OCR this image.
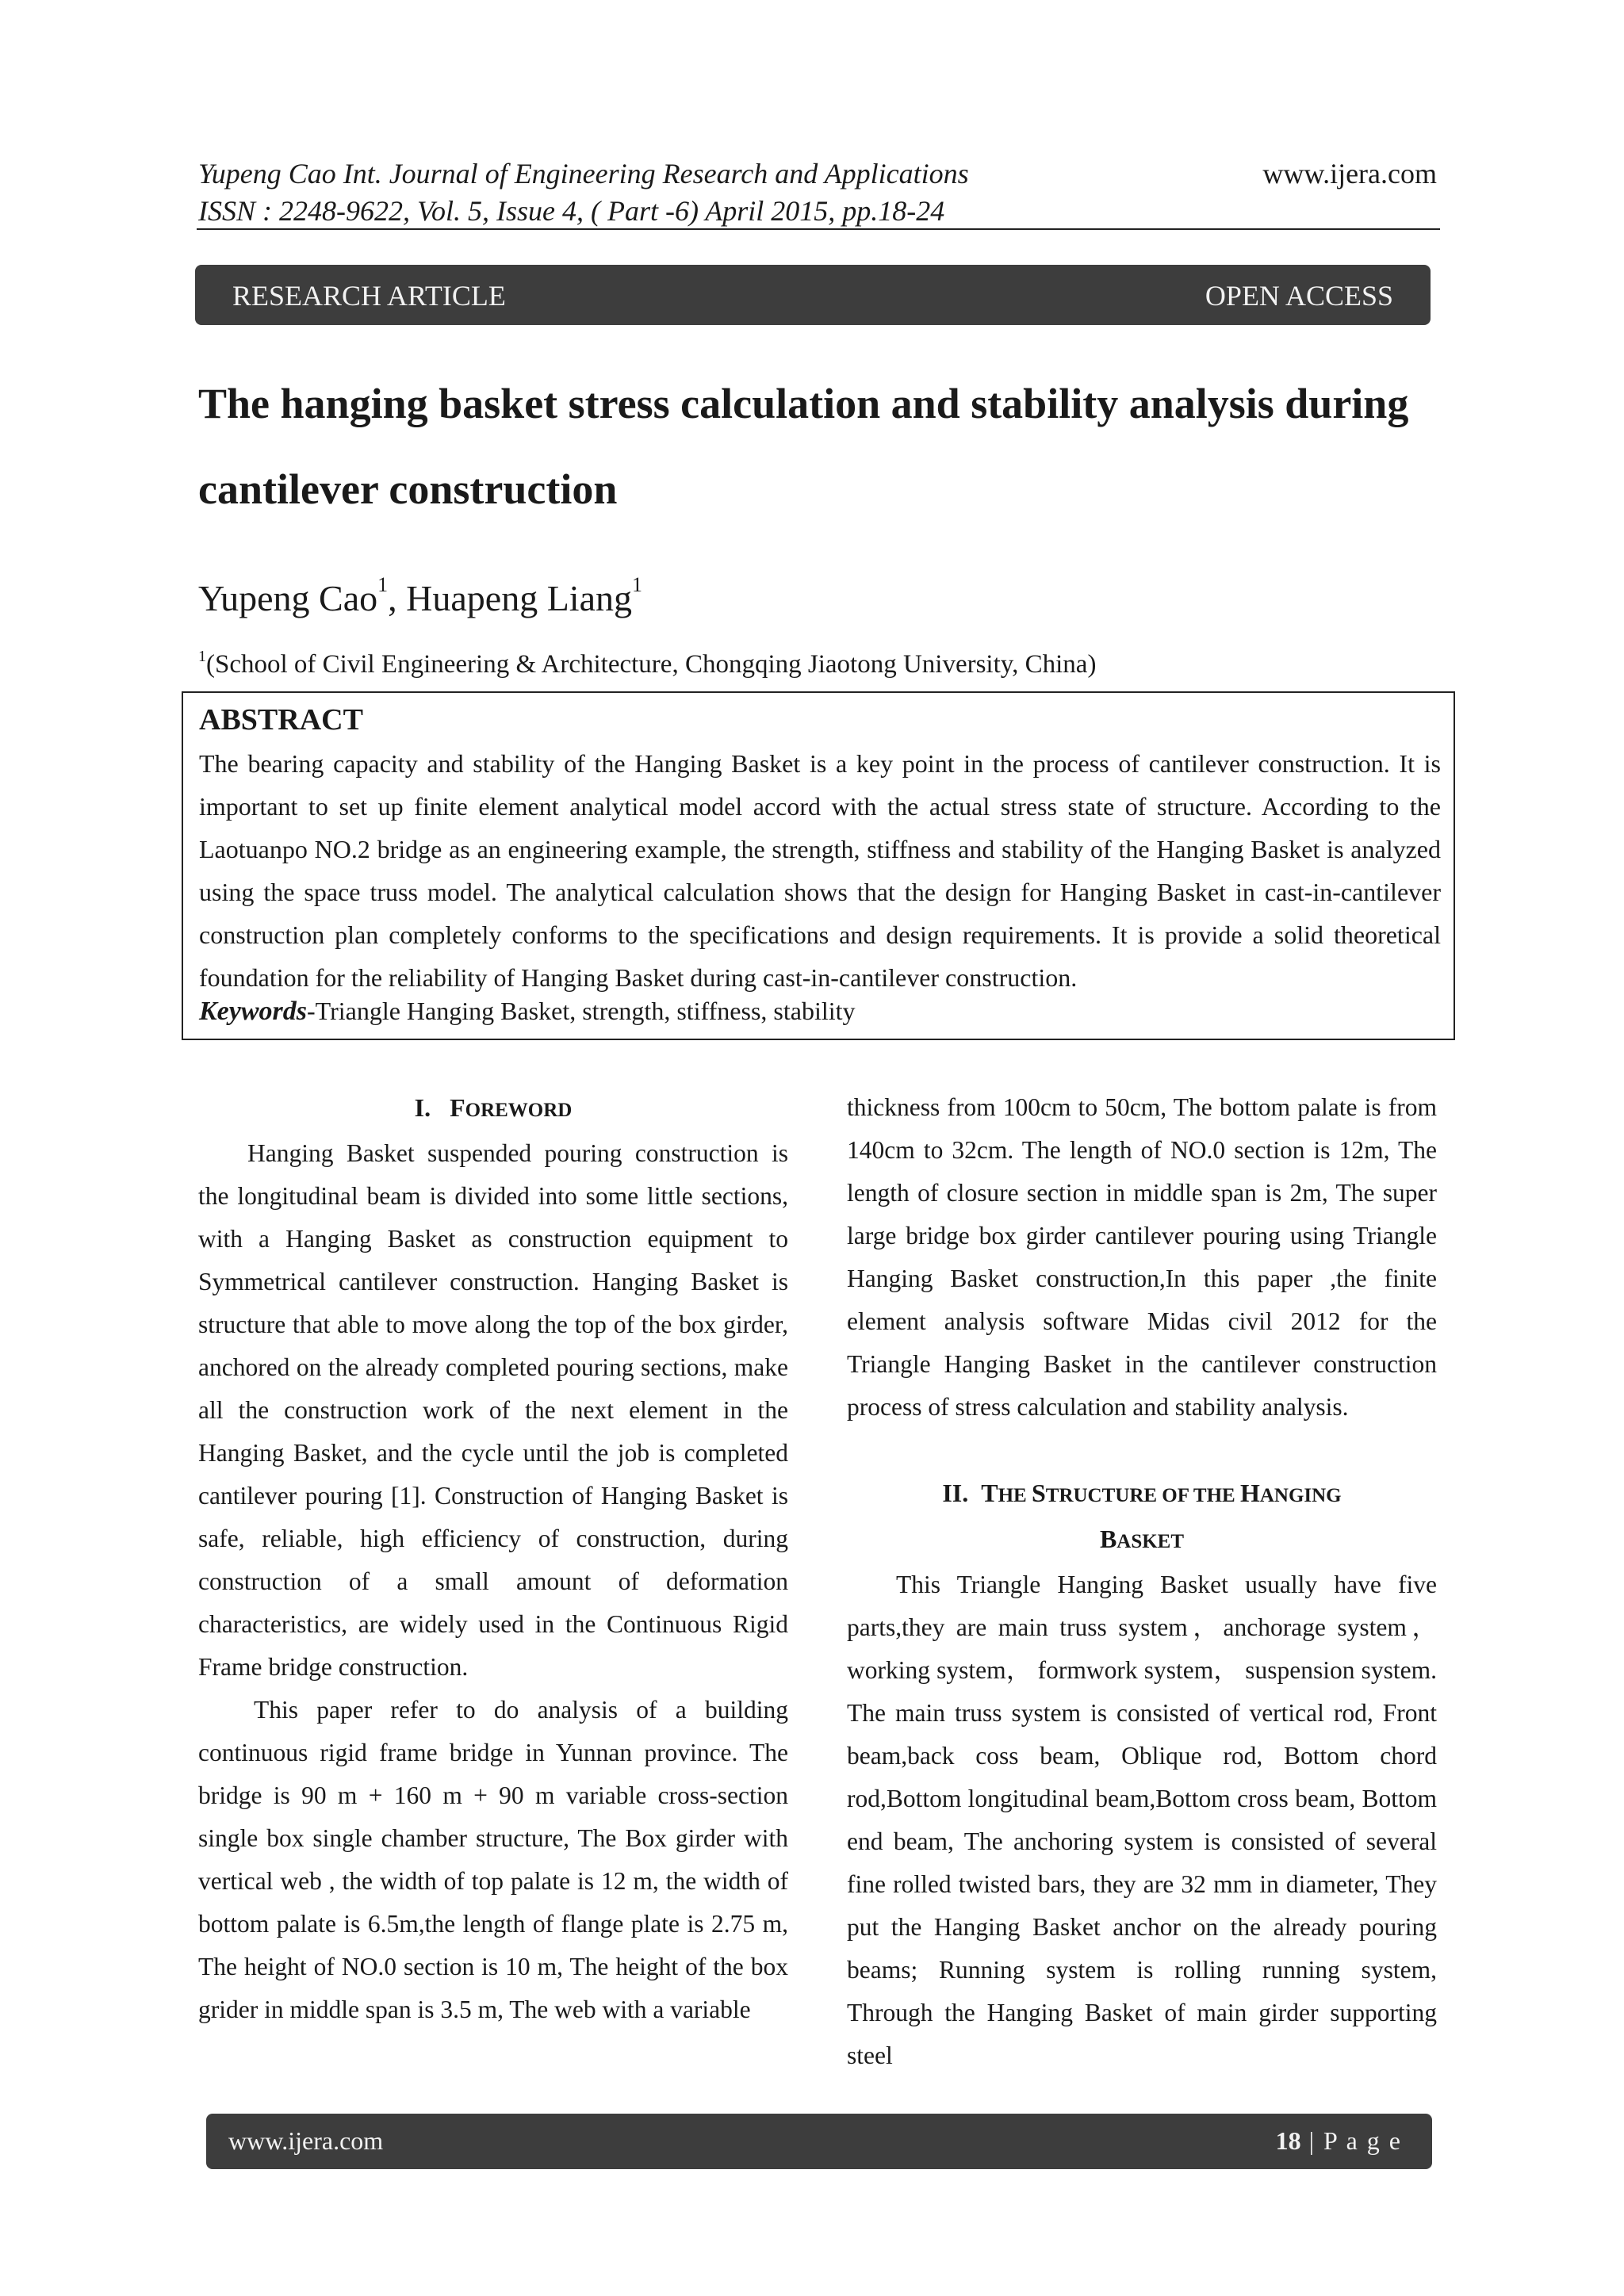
Yupeng Cao Int. Journal of Engineering Research and Applications
ISSN : 2248-9622, Vol. 5, Issue 4, ( Part -6) April 2015, pp.18-24
www.ijera.com
RESEARCH ARTICLE	OPEN ACCESS
The hanging basket stress calculation and stability analysis during cantilever construction
Yupeng Cao$^1$, Huapeng Liang$^1$
$^1$(School of Civil Engineering & Architecture, Chongqing Jiaotong University, China)
ABSTRACT
The bearing capacity and stability of the Hanging Basket is a key point in the process of cantilever construction. It is important to set up finite element analytical model accord with the actual stress state of structure. According to the Laotuanpo NO.2 bridge as an engineering example, the strength, stiffness and stability of the Hanging Basket is analyzed using the space truss model. The analytical calculation shows that the design for Hanging Basket in cast-in-cantilever construction plan completely conforms to the specifications and design requirements. It is provide a solid theoretical foundation for the reliability of Hanging Basket during cast-in-cantilever construction.
Keywords-Triangle Hanging Basket, strength, stiffness, stability

I. FOREWORD

Hanging Basket suspended pouring construction is the longitudinal beam is divided into some little sections, with a Hanging Basket as construction equipment to Symmetrical cantilever construction. Hanging Basket is structure that able to move along the top of the box girder, anchored on the already completed pouring sections, make all the construction work of the next element in the Hanging Basket, and the cycle until the job is completed cantilever pouring [1]. Construction of Hanging Basket is safe, reliable, high efficiency of construction, during construction of a small amount of deformation characteristics, are widely used in the Continuous Rigid Frame bridge construction.

This paper refer to do analysis of a building continuous rigid frame bridge in Yunnan province. The bridge is 90 m + 160 m + 90 m variable cross-section single box single chamber structure, The Box girder with vertical web , the width of top palate is 12 m, the width of bottom palate is 6.5m,the length of flange plate is 2.75 m, The height of NO.0 section is 10 m, The height of the box grider in middle span is 3.5 m, The web with a variable

thickness from 100cm to 50cm, The bottom palate is from 140cm to 32cm. The length of NO.0 section is 12m, The length of closure section in middle span is 2m, The super large bridge box girder cantilever pouring using Triangle Hanging Basket construction,In this paper ,the finite element analysis software Midas civil 2012 for the Triangle Hanging Basket in the cantilever construction process of stress calculation and stability analysis.

II. THE STRUCTURE OF THE HANGING
BASKET

This Triangle Hanging Basket usually have five parts,they are main truss system，anchorage system，working system， formwork system， suspension system. The main truss system is consisted of vertical rod, Front beam,back coss beam, Oblique rod, Bottom chord rod,Bottom longitudinal beam,Bottom cross beam, Bottom end beam, The anchoring system is consisted of several fine rolled twisted bars, they are 32 mm in diameter, They put the Hanging Basket anchor on the already pouring beams; Running system is rolling running system, Through the Hanging Basket of main girder supporting steel

www.ijera.com	18 | P a g e
